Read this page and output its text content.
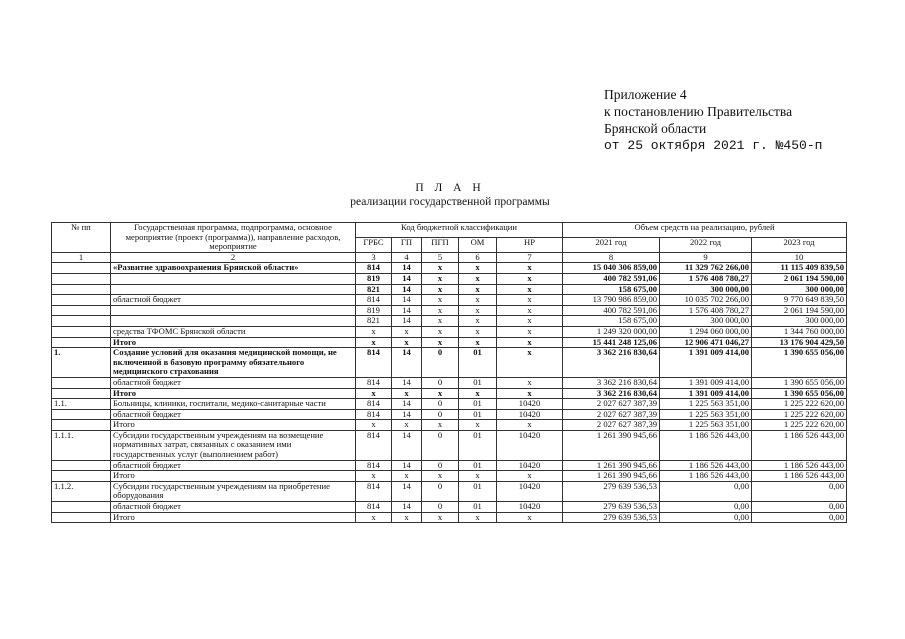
Приложение 4
к постановлению Правительства
Брянской области
от 25 октября 2021 г. №450-п
П Л А Н
реализации государственной программы
№ пп	Государственная программа, подпрограмма, основное мероприятие (проект (программа)), направление расходов, мероприятие	Код бюджетной классификации					Объем средств на реализацию, рублей		
		ГРБС	ГП	ПГП	ОМ	НР	2021 год	2022 год	2023 год
1	2	3	4	5	6	7	8	9	10
	«Развитие здравоохранения Брянской области»	814	14	x	x	x	15 040 306 859,00	11 329 762 266,00	11 115 409 839,50
		819	14	x	x	x	400 782 591,06	1 576 408 780,27	2 061 194 590,00
		821	14	x	x	x	158 675,00	300 000,00	300 000,00
	областной бюджет	814	14	x	x	x	13 790 986 859,00	10 035 702 266,00	9 770 649 839,50
		819	14	x	x	x	400 782 591,06	1 576 408 780,27	2 061 194 590,00
		821	14	x	x	x	158 675,00	300 000,00	300 000,00
	средства ТФОМС Брянской области	x	x	x	x	x	1 249 320 000,00	1 294 060 000,00	1 344 760 000,00
	Итого	x	x	x	x	x	15 441 248 125,06	12 906 471 046,27	13 176 904 429,50
1.	Создание условий для оказания медицинской помощи, не включенной в базовую программу обязательного медицинского страхования	814	14	0	01	x	3 362 216 830,64	1 391 009 414,00	1 390 655 056,00
	областной бюджет	814	14	0	01	x	3 362 216 830,64	1 391 009 414,00	1 390 655 056,00
	Итого	x	x	x	x	x	3 362 216 830,64	1 391 009 414,00	1 390 655 056,00
1.1.	Больницы, клиники, госпитали, медико-санитарные части	814	14	0	01	10420	2 027 627 387,39	1 225 563 351,00	1 225 222 620,00
	областной бюджет	814	14	0	01	10420	2 027 627 387,39	1 225 563 351,00	1 225 222 620,00
	Итого	x	x	x	x	x	2 027 627 387,39	1 225 563 351,00	1 225 222 620,00
1.1.1.	Субсидии государственным учреждениям на возмещение нормативных затрат, связанных с оказанием ими государственных услуг (выполнением работ)	814	14	0	01	10420	1 261 390 945,66	1 186 526 443,00	1 186 526 443,00
	областной бюджет	814	14	0	01	10420	1 261 390 945,66	1 186 526 443,00	1 186 526 443,00
	Итого	x	x	x	x	x	1 261 390 945,66	1 186 526 443,00	1 186 526 443,00
1.1.2.	Субсидии государственным учреждениям на приобретение оборудования	814	14	0	01	10420	279 639 536,53	0,00	0,00
	областной бюджет	814	14	0	01	10420	279 639 536,53	0,00	0,00
	Итого	x	x	x	x	x	279 639 536,53	0,00	0,00
